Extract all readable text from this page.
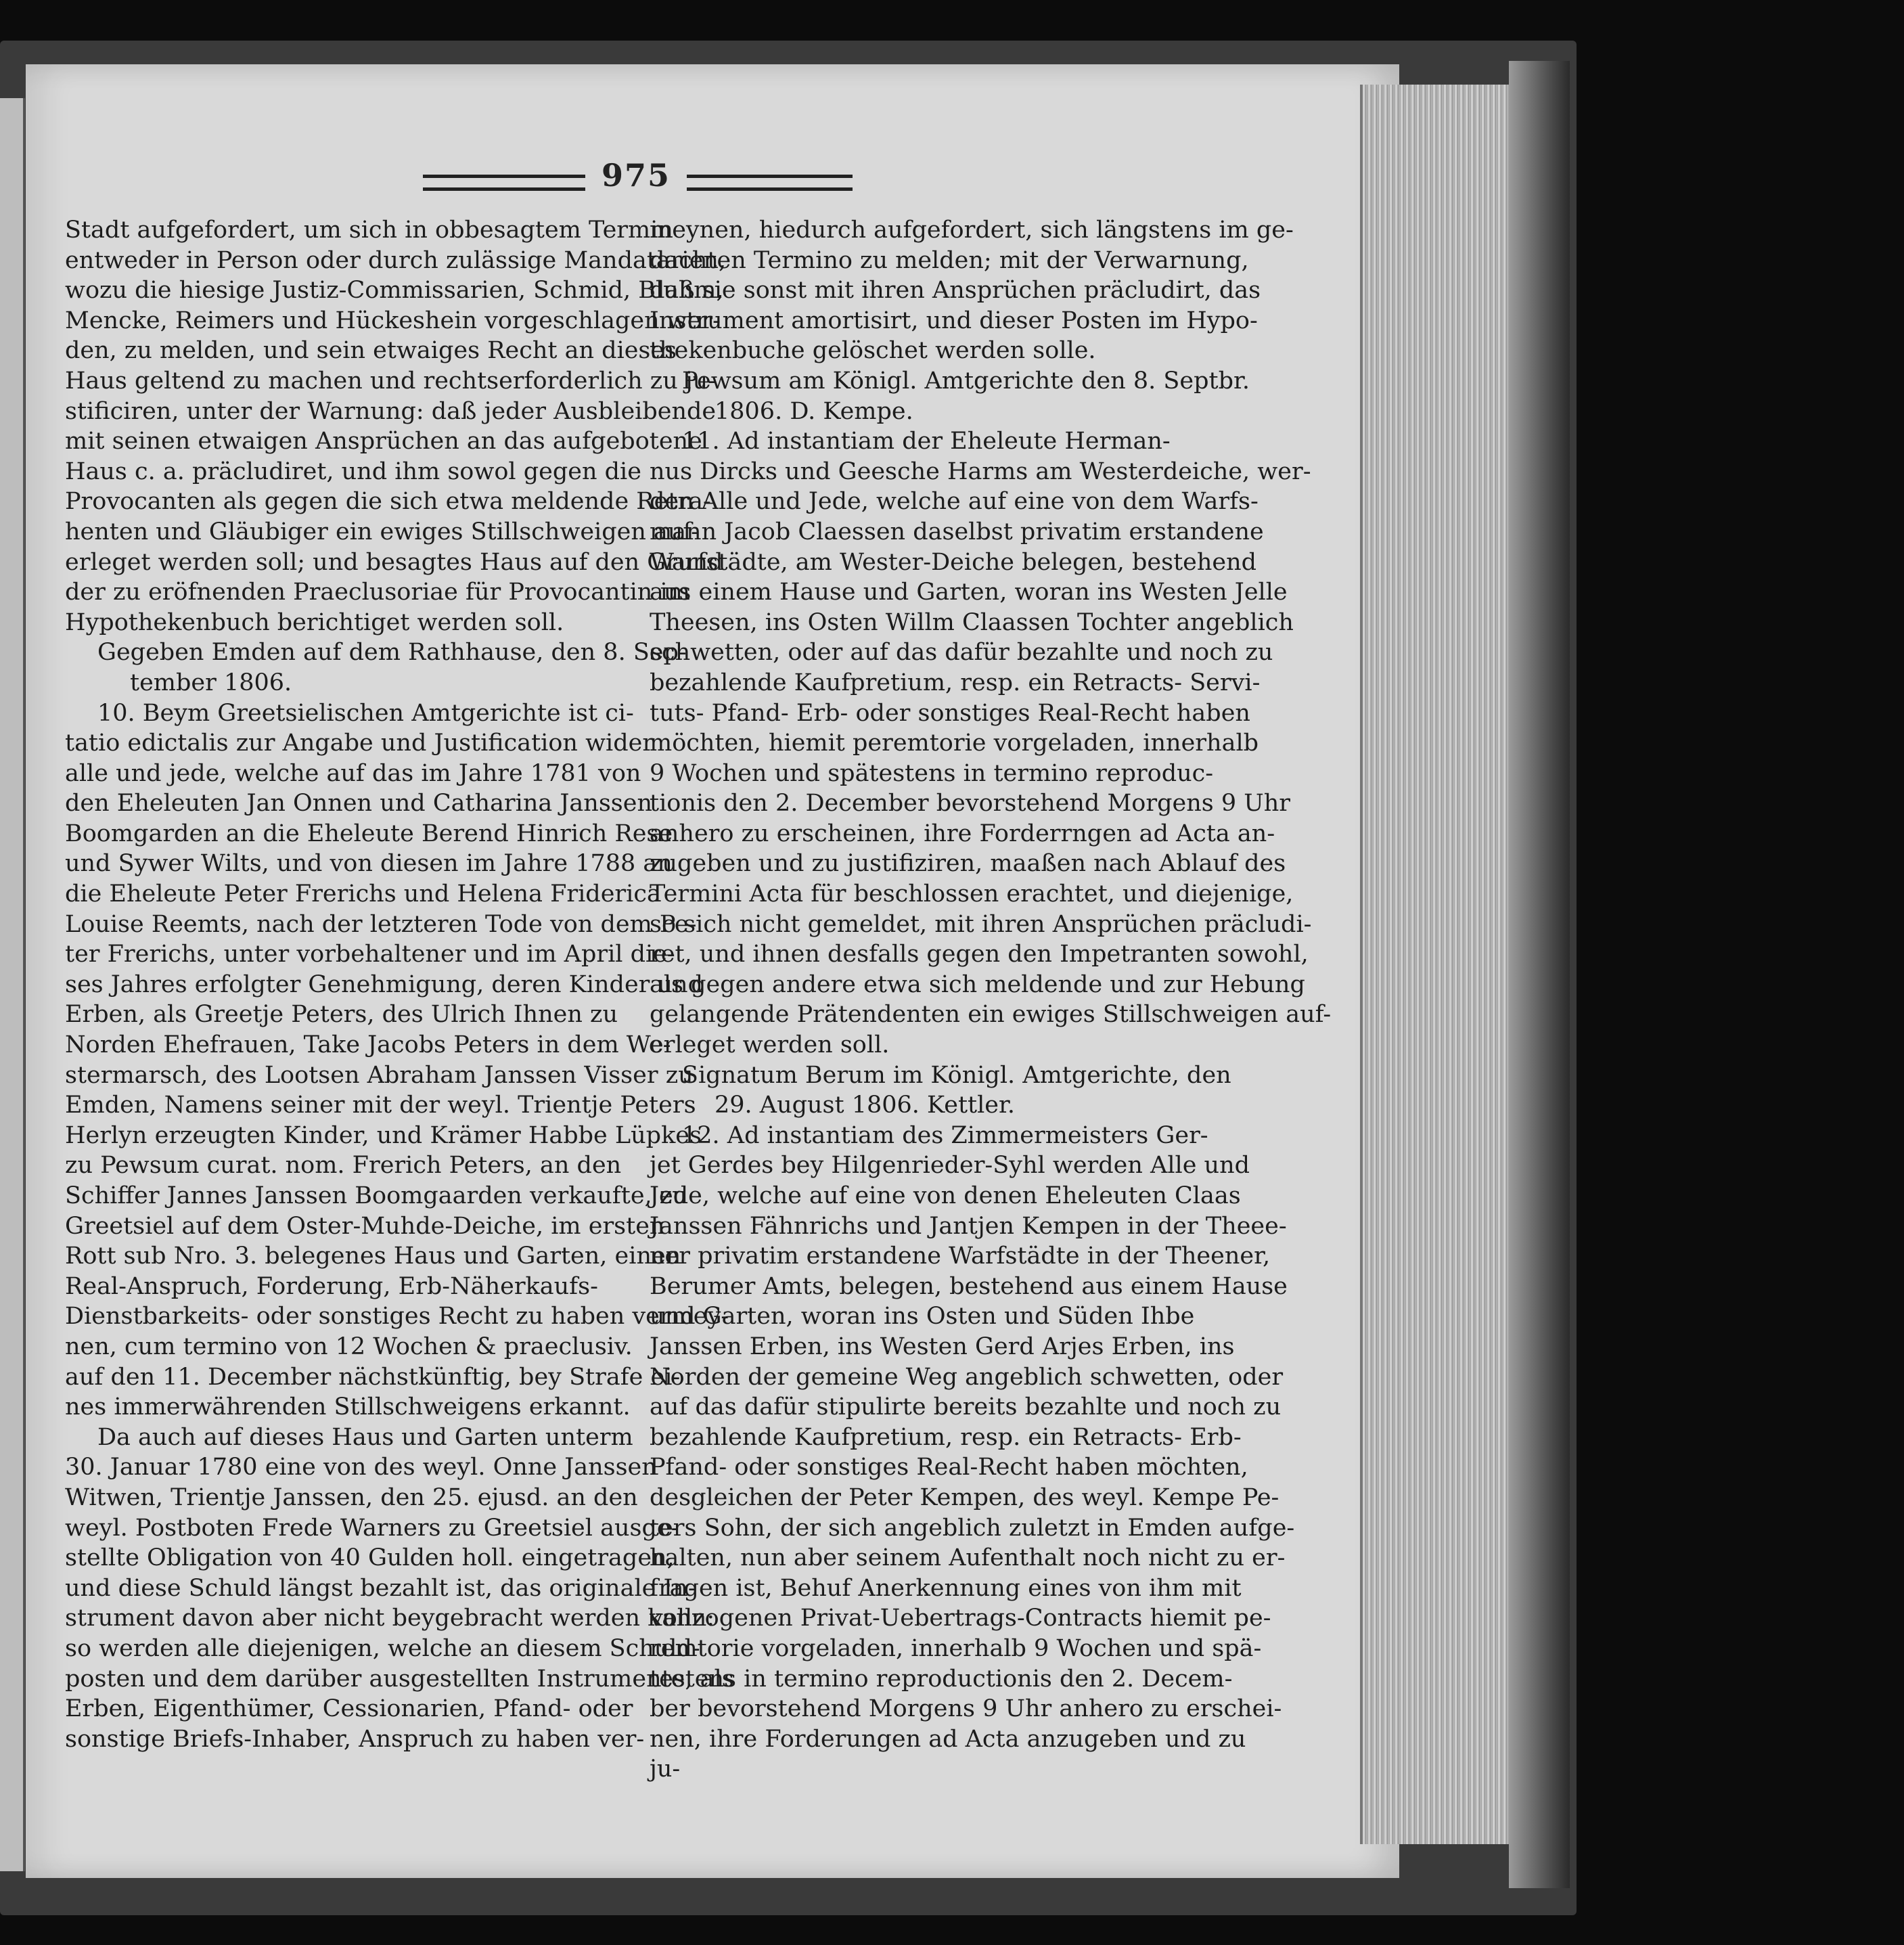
975
Stadt aufgefordert, um sich in obbesagtem Termin
entweder in Person oder durch zulässige Mandatarien,
wozu die hiesige Justiz-Commissarien, Schmid, Bluhm,
Mencke, Reimers und Hückeshein vorgeschlagen wer-
den, zu melden, und sein etwaiges Recht an dieses
Haus geltend zu machen und rechtserforderlich zu ju-
stificiren, unter der Warnung: daß jeder Ausbleibende
mit seinen etwaigen Ansprüchen an das aufgebotene
Haus c. a. präcludiret, und ihm sowol gegen die
Provocanten als gegen die sich etwa meldende Retra-
henten und Gläubiger ein ewiges Stillschweigen auf-
erleget werden soll; und besagtes Haus auf den Grund
der zu eröfnenden Praeclusoriae für Provocantin im
Hypothekenbuch berichtiget werden soll.
Gegeben Emden auf dem Rathhause, den 8. Sep-
tember 1806.
10. Beym Greetsielischen Amtgerichte ist ci-
tatio edictalis zur Angabe und Justification wider
alle und jede, welche auf das im Jahre 1781 von
den Eheleuten Jan Onnen und Catharina Janssen
Boomgarden an die Eheleute Berend Hinrich Rese
und Sywer Wilts, und von diesen im Jahre 1788 an
die Eheleute Peter Frerichs und Helena Friderica
Louise Reemts, nach der letzteren Tode von dem Pe-
ter Frerichs, unter vorbehaltener und im April die-
ses Jahres erfolgter Genehmigung, deren Kinder und
Erben, als Greetje Peters, des Ulrich Ihnen zu
Norden Ehefrauen, Take Jacobs Peters in dem We-
stermarsch, des Lootsen Abraham Janssen Visser zu
Emden, Namens seiner mit der weyl. Trientje Peters
Herlyn erzeugten Kinder, und Krämer Habbe Lüpkes
zu Pewsum curat. nom. Frerich Peters, an den
Schiffer Jannes Janssen Boomgaarden verkaufte, zu
Greetsiel auf dem Oster-Muhde-Deiche, im ersten
Rott sub Nro. 3. belegenes Haus und Garten, einen
Real-Anspruch, Forderung, Erb-Näherkaufs-
Dienstbarkeits- oder sonstiges Recht zu haben vermey-
nen, cum termino von 12 Wochen & praeclusiv.
auf den 11. December nächstkünftig, bey Strafe ei-
nes immerwährenden Stillschweigens erkannt.
Da auch auf dieses Haus und Garten unterm
30. Januar 1780 eine von des weyl. Onne Janssen
Witwen, Trientje Janssen, den 25. ejusd. an den
weyl. Postboten Frede Warners zu Greetsiel ausge-
stellte Obligation von 40 Gulden holl. eingetragen,
und diese Schuld längst bezahlt ist, das originale In-
strument davon aber nicht beygebracht werden kann:
so werden alle diejenigen, welche an diesem Schuld-
posten und dem darüber ausgestellten Instrumente, als
Erben, Eigenthümer, Cessionarien, Pfand- oder
sonstige Briefs-Inhaber, Anspruch zu haben ver-
meynen, hiedurch aufgefordert, sich längstens im ge-
dachten Termino zu melden; mit der Verwarnung,
daß sie sonst mit ihren Ansprüchen präcludirt, das
Instrument amortisirt, und dieser Posten im Hypo-
thekenbuche gelöschet werden solle.
Pewsum am Königl. Amtgerichte den 8. Septbr.
1806. D. Kempe.
11. Ad instantiam der Eheleute Herman-
nus Dircks und Geesche Harms am Westerdeiche, wer-
den Alle und Jede, welche auf eine von dem Warfs-
mann Jacob Claessen daselbst privatim erstandene
Warfstädte, am Wester-Deiche belegen, bestehend
aus einem Hause und Garten, woran ins Westen Jelle
Theesen, ins Osten Willm Claassen Tochter angeblich
schwetten, oder auf das dafür bezahlte und noch zu
bezahlende Kaufpretium, resp. ein Retracts- Servi-
tuts- Pfand- Erb- oder sonstiges Real-Recht haben
möchten, hiemit peremtorie vorgeladen, innerhalb
9 Wochen und spätestens in termino reproduc-
tionis den 2. December bevorstehend Morgens 9 Uhr
anhero zu erscheinen, ihre Forderrngen ad Acta an-
zugeben und zu justifiziren, maaßen nach Ablauf des
Termini Acta für beschlossen erachtet, und diejenige,
so sich nicht gemeldet, mit ihren Ansprüchen präcludi-
ret, und ihnen desfalls gegen den Impetranten sowohl,
als gegen andere etwa sich meldende und zur Hebung
gelangende Prätendenten ein ewiges Stillschweigen auf-
erleget werden soll.
Signatum Berum im Königl. Amtgerichte, den
29. August 1806. Kettler.
12. Ad instantiam des Zimmermeisters Ger-
jet Gerdes bey Hilgenrieder-Syhl werden Alle und
Jede, welche auf eine von denen Eheleuten Claas
Janssen Fähnrichs und Jantjen Kempen in der Theee-
ner privatim erstandene Warfstädte in der Theener,
Berumer Amts, belegen, bestehend aus einem Hause
und Garten, woran ins Osten und Süden Ihbe
Janssen Erben, ins Westen Gerd Arjes Erben, ins
Norden der gemeine Weg angeblich schwetten, oder
auf das dafür stipulirte bereits bezahlte und noch zu
bezahlende Kaufpretium, resp. ein Retracts- Erb-
Pfand- oder sonstiges Real-Recht haben möchten,
desgleichen der Peter Kempen, des weyl. Kempe Pe-
ters Sohn, der sich angeblich zuletzt in Emden aufge-
halten, nun aber seinem Aufenthalt noch nicht zu er-
fragen ist, Behuf Anerkennung eines von ihm mit
vollzogenen Privat-Uebertrags-Contracts hiemit pe-
remtorie vorgeladen, innerhalb 9 Wochen und spä-
testens in termino reproductionis den 2. Decem-
ber bevorstehend Morgens 9 Uhr anhero zu erschei-
nen, ihre Forderungen ad Acta anzugeben und zu
ju-
